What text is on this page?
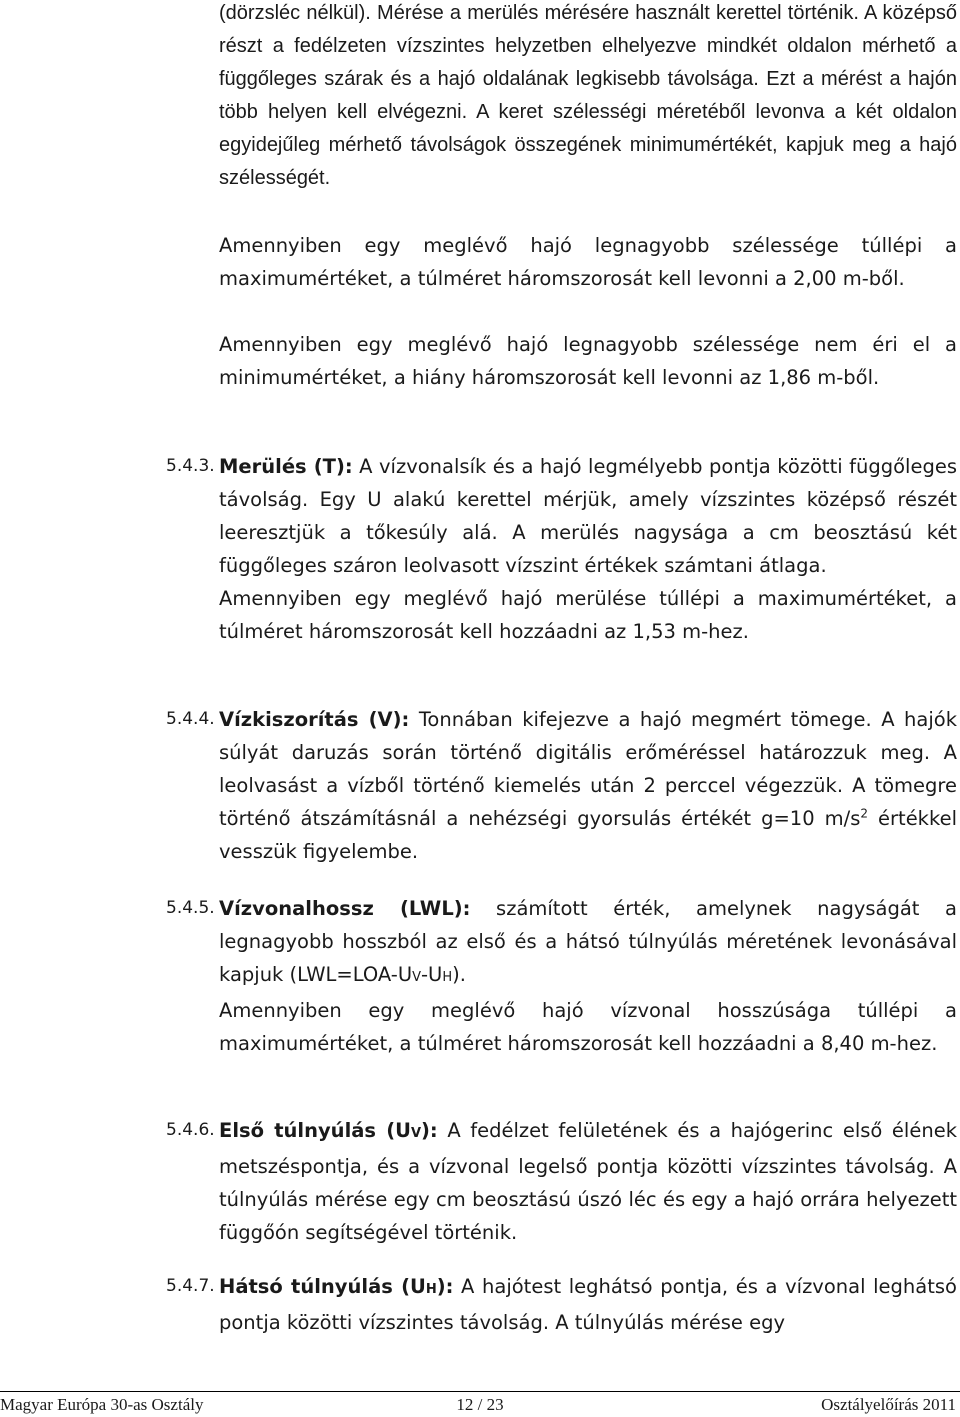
(dörzsléc nélkül). Mérése a merülés mérésére használt kerettel történik. A középső részt a fedélzeten vízszintes helyzetben elhelyezve mindkét oldalon mérhető a függőleges szárak és a hajó oldalának legkisebb távolsága. Ezt a mérést a hajón több helyen kell elvégezni. A keret szélességi méretéből levonva a két oldalon egyidejűleg mérhető távolságok összegének minimumértékét, kapjuk meg a hajó szélességét.

Amennyiben egy meglévő hajó legnagyobb szélessége túllépi a maximumértéket, a túlméret háromszorosát kell levonni a 2,00 m-ből.

Amennyiben egy meglévő hajó legnagyobb szélessége nem éri el a minimumértéket, a hiány háromszorosát kell levonni az 1,86 m-ből.

5.4.3. Merülés (T): A vízvonalsík és a hajó legmélyebb pontja közötti függőleges távolság. Egy U alakú kerettel mérjük, amely vízszintes középső részét leeresztjük a tőkesúly alá. A merülés nagysága a cm beosztású két függőleges száron leolvasott vízszint értékek számtani átlaga.

Amennyiben egy meglévő hajó merülése túllépi a maximumértéket, a túlméret háromszorosát kell hozzáadni az 1,53 m-hez.

5.4.4. Vízkiszorítás (V): Tonnában kifejezve a hajó megmért tömege. A hajók súlyát daruzás során történő digitális erőméréssel határozzuk meg. A leolvasást a vízből történő kiemelés után 2 perccel végezzük. A tömegre történő átszámításnál a nehézségi gyorsulás értékét g=10 $m/s^2$ értékkel vesszük figyelembe.

5.4.5. Vízvonalhossz (LWL): számított érték, amelynek nagyságát a legnagyobb hosszból az első és a hátsó túlnyúlás méretének levonásával kapjuk (LWL=LOA-UV-UH).

Amennyiben egy meglévő hajó vízvonal hosszúsága túllépi a maximumértéket, a túlméret háromszorosát kell hozzáadni a 8,40 m-hez.

5.4.6. Első túlnyúlás (UV): A fedélzet felületének és a hajógerinc első élének metszéspontja, és a vízvonal legelső pontja közötti vízszintes távolság. A túlnyúlás mérése egy cm beosztású úszó léc és egy a hajó orrára helyezett függőón segítségével történik.

5.4.7. Hátsó túlnyúlás (UH): A hajótest leghátsó pontja, és a vízvonal leghátsó pontja közötti vízszintes távolság. A túlnyúlás mérése egy

Magyar Európa 30-as Osztály	12 / 23	Osztályelőírás 2011
